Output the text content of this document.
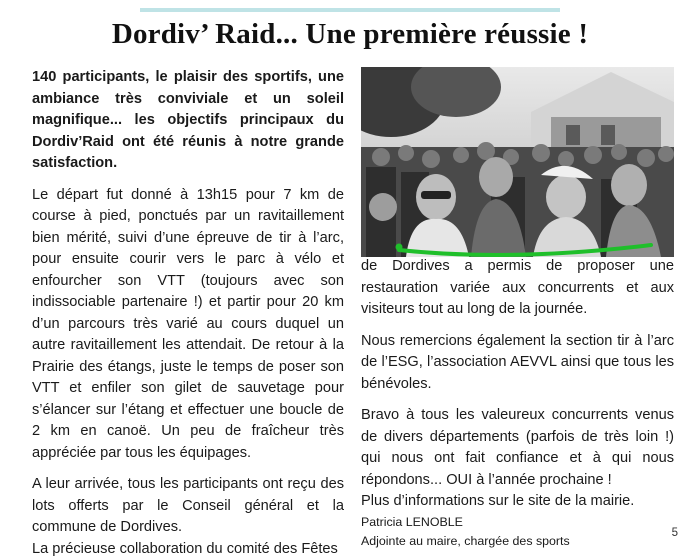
Dordiv’ Raid... Une première réussie !

140 participants, le plaisir des sportifs, une ambiance très conviviale et un soleil magnifique... les objectifs principaux du Dordiv’Raid ont été réunis à notre grande satisfaction.

Le départ fut donné à 13h15 pour 7 km de course à pied, ponctués par un ravitaillement bien mérité, suivi d’une épreuve de tir à l’arc, pour ensuite courir vers le parc à vélo et enfourcher son VTT (toujours avec son indissociable partenaire !) et partir pour 20 km d’un parcours très varié au cours duquel un autre ravitaillement les attendait. De retour à la Prairie des étangs, juste le temps de poser son VTT et enfiler son gilet de sauvetage pour s’élancer sur l’étang et effectuer une boucle de 2 km en canoë. Un peu de fraîcheur très appréciée par tous les équipages.

A leur arrivée, tous les participants ont reçu des lots offerts par le Conseil général et la commune de Dordives.

La précieuse collaboration du comité des Fêtes

de Dordives a permis de proposer une restauration variée aux concurrents et aux visiteurs tout au long de la journée.

Nous remercions également la section tir à l’arc de l’ESG, l’association AEVVL ainsi que tous les bénévoles.

Bravo à tous les valeureux concurrents venus de divers départements (parfois de très loin !) qui nous ont fait confiance et à qui nous répondons... OUI à l’année prochaine !

Plus d’informations sur le site de la mairie.

Patricia LENOBLE

Adjointe au maire, chargée des sports

5
